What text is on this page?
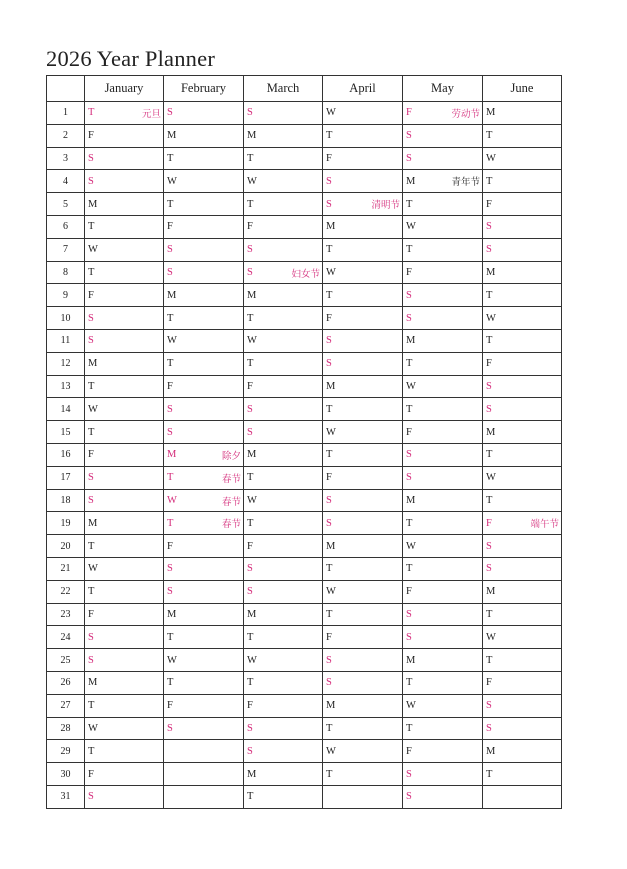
2026 Year Planner
	January	February	March	April	May	June
1	T 元旦	S	S	W	F 劳动节	M
2	F	M	M	T	S	T
3	S	T	T	F	S	W
4	S	W	W	S	M 青年节	T
5	M	T	T	S 清明节	T	F
6	T	F	F	M	W	S
7	W	S	S	T	T	S
8	T	S	S 妇女节	W	F	M
9	F	M	M	T	S	T
10	S	T	T	F	S	W
11	S	W	W	S	M	T
12	M	T	T	S	T	F
13	T	F	F	M	W	S
14	W	S	S	T	T	S
15	T	S	S	W	F	M
16	F	M 除夕	M	T	S	T
17	S	T 春节	T	F	S	W
18	S	W 春节	W	S	M	T
19	M	T 春节	T	S	T	F 端午节

20	T	F	F	M	W	S
21	W	S	S	T	T	S
22	T	S	S	W	F	M
23	F	M	M	T	S	T
24	S	T	T	F	S	W
25	S	W	W	S	M	T
26	M	T	T	S	T	F
27	T	F	F	M	W	S
28	W	S	S	T	T	S
29	T		S	W	F	M
30	F		M	T	S	T
31	S		T		S	
